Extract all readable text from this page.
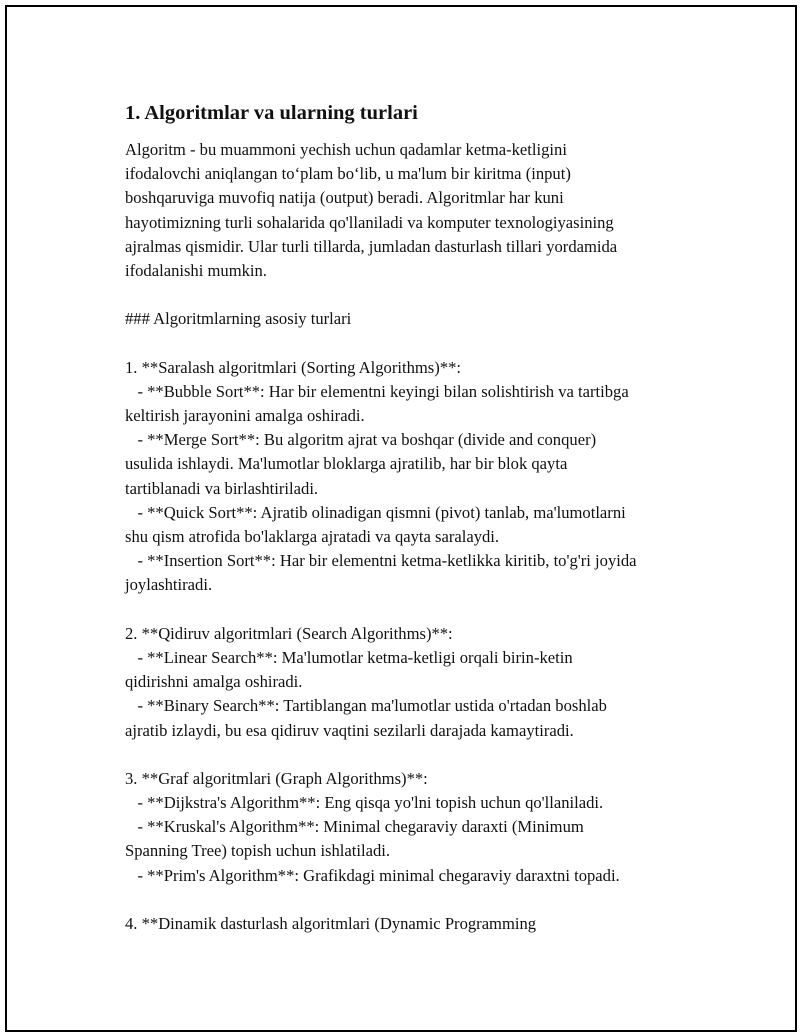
1. Algoritmlar va ularning turlari
Algoritm - bu muammoni yechish uchun qadamlar ketma-ketligini
ifodalovchi aniqlangan to‘plam bo‘lib, u ma'lum bir kiritma (input)
boshqaruviga muvofiq natija (output) beradi. Algoritmlar har kuni
hayotimizning turli sohalarida qo'llaniladi va komputer texnologiyasining
ajralmas qismidir. Ular turli tillarda, jumladan dasturlash tillari yordamida
ifodalanishi mumkin.
### Algoritmlarning asosiy turlari
1. **Saralash algoritmlari (Sorting Algorithms)**:
- **Bubble Sort**: Har bir elementni keyingi bilan solishtirish va tartibga
keltirish jarayonini amalga oshiradi.
- **Merge Sort**: Bu algoritm ajrat va boshqar (divide and conquer)
usulida ishlaydi. Ma'lumotlar bloklarga ajratilib, har bir blok qayta
tartiblanadi va birlashtiriladi.
- **Quick Sort**: Ajratib olinadigan qismni (pivot) tanlab, ma'lumotlarni
shu qism atrofida bo'laklarga ajratadi va qayta saralaydi.
- **Insertion Sort**: Har bir elementni ketma-ketlikka kiritib, to'g'ri joyida
joylashtiradi.
2. **Qidiruv algoritmlari (Search Algorithms)**:
- **Linear Search**: Ma'lumotlar ketma-ketligi orqali birin-ketin
qidirishni amalga oshiradi.
- **Binary Search**: Tartiblangan ma'lumotlar ustida o'rtadan boshlab
ajratib izlaydi, bu esa qidiruv vaqtini sezilarli darajada kamaytiradi.
3. **Graf algoritmlari (Graph Algorithms)**:
- **Dijkstra's Algorithm**: Eng qisqa yo'lni topish uchun qo'llaniladi.
- **Kruskal's Algorithm**: Minimal chegaraviy daraxti (Minimum
Spanning Tree) topish uchun ishlatiladi.
- **Prim's Algorithm**: Grafikdagi minimal chegaraviy daraxtni topadi.
4. **Dinamik dasturlash algoritmlari (Dynamic Programming
